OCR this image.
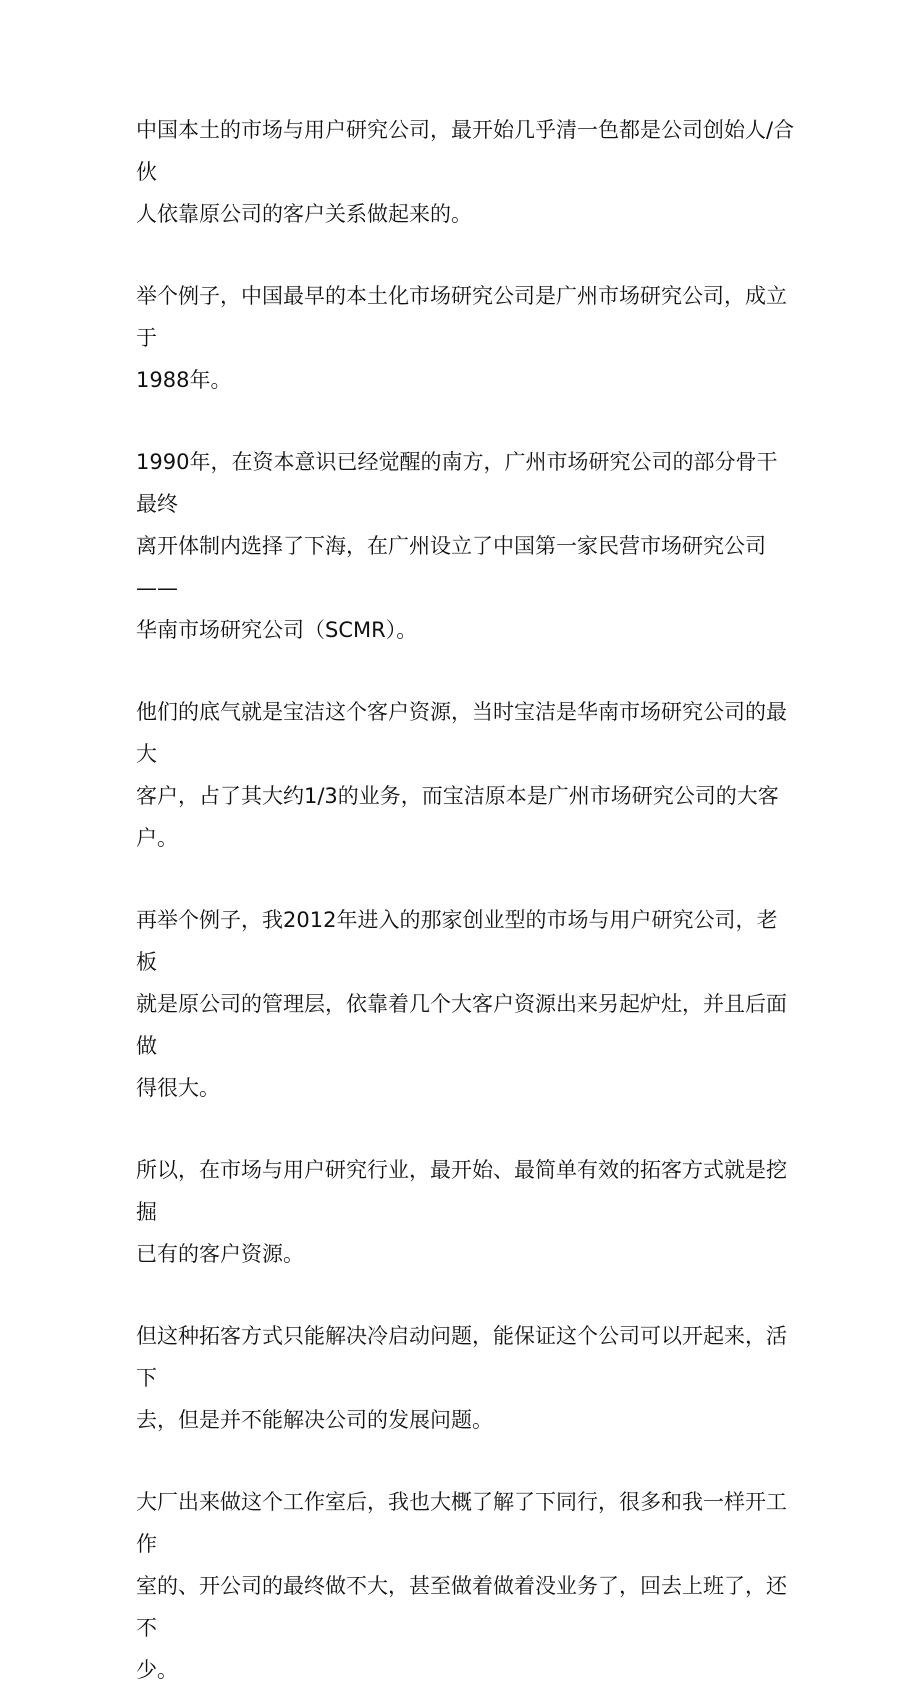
中国本土的市场与用户研究公司，最开始几乎清一色都是公司创始人/合伙
人依靠原公司的客户关系做起来的。

举个例子，中国最早的本土化市场研究公司是广州市场研究公司，成立于
1988年。

1990年，在资本意识已经觉醒的南方，广州市场研究公司的部分骨干最终
离开体制内选择了下海，在广州设立了中国第一家民营市场研究公司——
华南市场研究公司（SCMR）。

他们的底气就是宝洁这个客户资源，当时宝洁是华南市场研究公司的最大
客户，占了其大约1/3的业务，而宝洁原本是广州市场研究公司的大客户。

再举个例子，我2012年进入的那家创业型的市场与用户研究公司，老板
就是原公司的管理层，依靠着几个大客户资源出来另起炉灶，并且后面做
得很大。

所以，在市场与用户研究行业，最开始、最简单有效的拓客方式就是挖掘
已有的客户资源。

但这种拓客方式只能解决冷启动问题，能保证这个公司可以开起来，活下
去，但是并不能解决公司的发展问题。

大厂出来做这个工作室后，我也大概了解了下同行，很多和我一样开工作
室的、开公司的最终做不大，甚至做着做着没业务了，回去上班了，还不
少。
